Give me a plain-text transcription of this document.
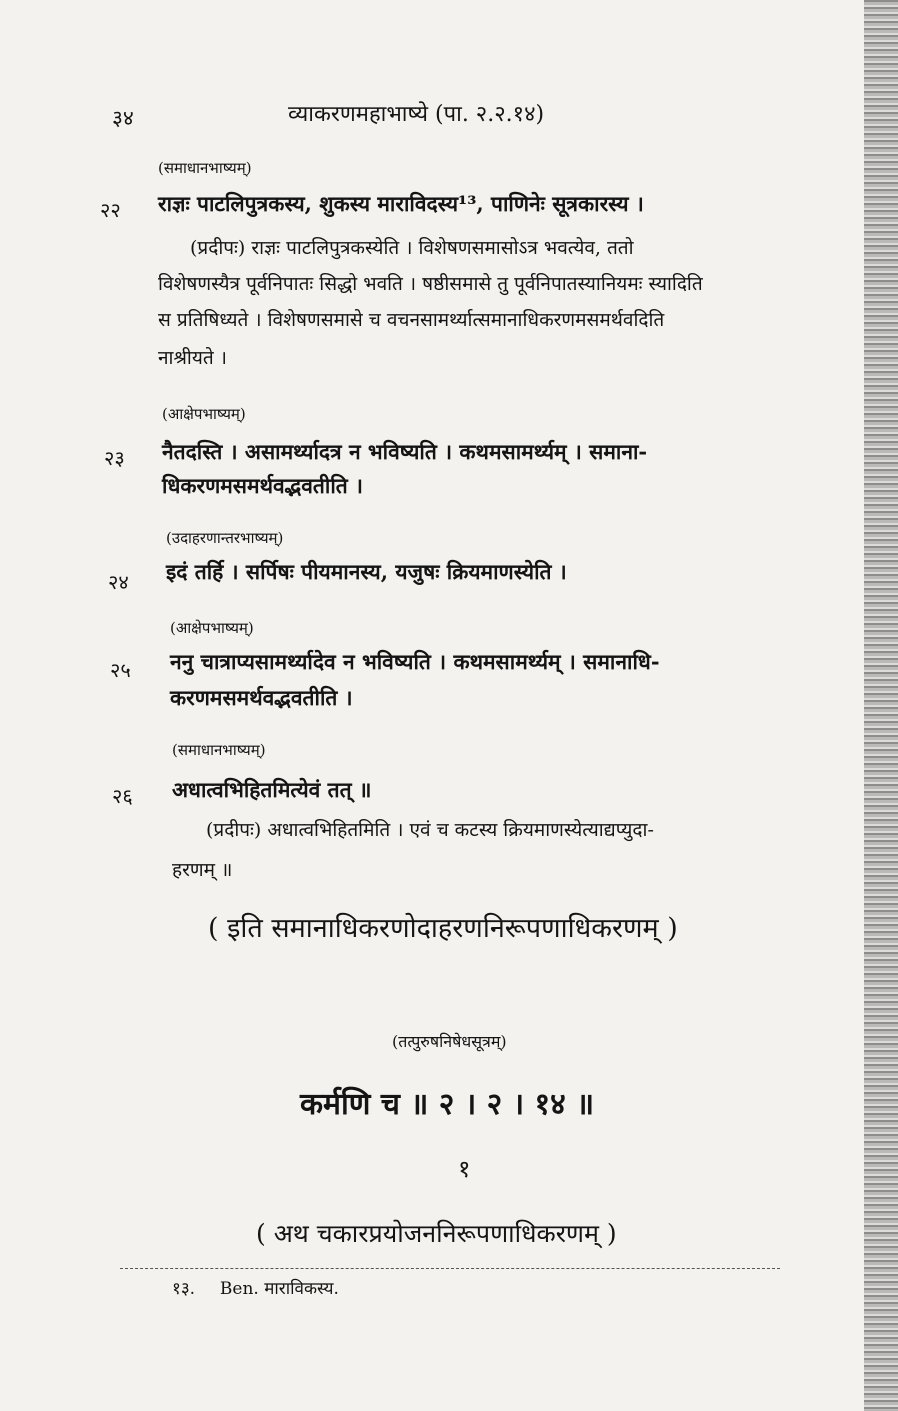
३४	व्याकरणमहाभाष्ये (पा. २.२.१४)
(समाधानभाष्यम्)
२२ राज्ञः पाटलिपुत्रकस्य, शुकस्य माराविदस्य¹³, पाणिनेः सूत्रकारस्य ।
(प्रदीपः) राज्ञः पाटलिपुत्रकस्येति । विशेषणसमासोऽत्र भवत्येव, ततो
विशेषणस्यैत्र पूर्वनिपातः सिद्धो भवति । षष्ठीसमासे तु पूर्वनिपातस्यानियमः स्यादिति
स प्रतिषिध्यते । विशेषणसमासे च वचनसामर्थ्यात्समानाधिकरणमसमर्थवदिति
नाश्रीयते ।
(आक्षेपभाष्यम्)
२३ नैतदस्ति । असामर्थ्यादत्र न भविष्यति । कथमसामर्थ्यम् । समाना-
धिकरणमसमर्थवद्भवतीति ।
(उदाहरणान्तरभाष्यम्)
२४ इदं तर्हि । सर्पिषः पीयमानस्य, यजुषः क्रियमाणस्येति ।
(आक्षेपभाष्यम्)
२५ ननु चात्राप्यसामर्थ्यादेव न भविष्यति । कथमसामर्थ्यम् । समानाधि-
करणमसमर्थवद्भवतीति ।
(समाधानभाष्यम्)
२६ अधात्वभिहितमित्येवं तत् ॥
(प्रदीपः) अधात्वभिहितमिति । एवं च कटस्य क्रियमाणस्येत्याद्यप्युदा-
हरणम् ॥
( इति समानाधिकरणोदाहरणनिरूपणाधिकरणम् )
(तत्पुरुषनिषेधसूत्रम्)
कर्मणि च ॥ २ । २ । १४ ॥
१
( अथ चकारप्रयोजननिरूपणाधिकरणम् )
१३. Ben. माराविकस्य.
